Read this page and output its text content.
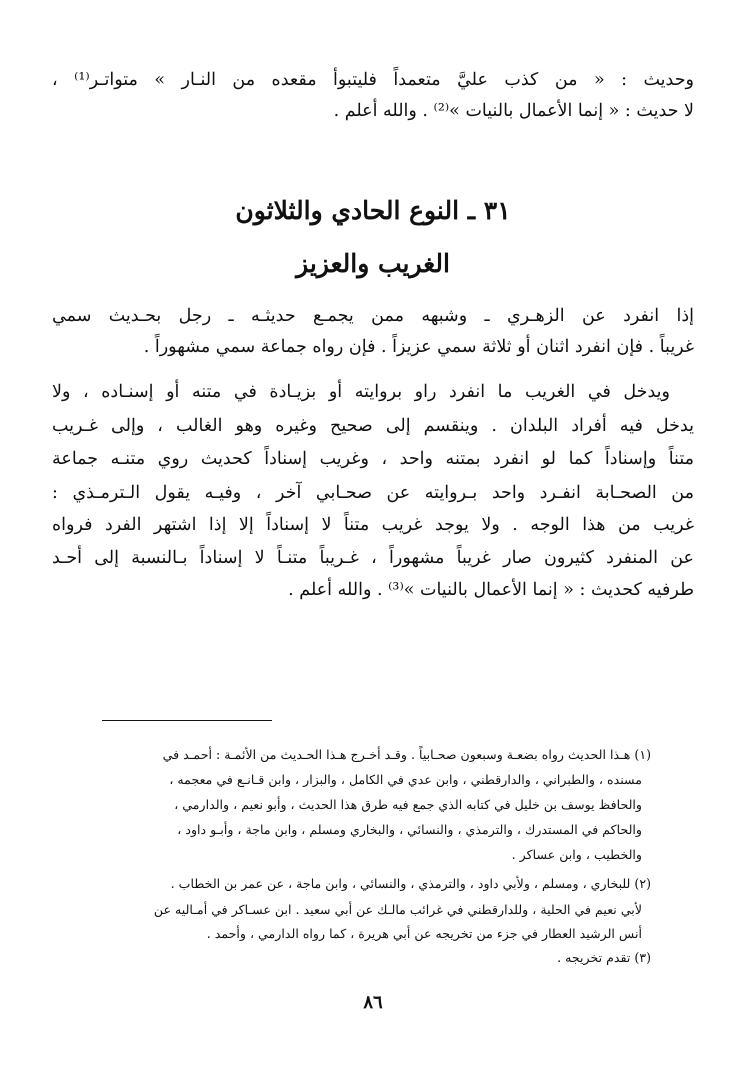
وحديث : « من كذب عليَّ متعمداً فليتبوأ مقعده من النـار » متواتـر⁽¹⁾ ،
لا حديث : « إنما الأعمال بالنيات »⁽²⁾ . والله أعلم .
٣١ ـ النوع الحادي والثلاثون
الغريب والعزيز
إذا انفرد عن الزهـري ـ وشبهه ممن يجمـع حديثـه ـ رجل بحـديث سمي
غريباً . فإن انفرد اثنان أو ثلاثة سمي عزيزاً . فإن رواه جماعة سمي مشهوراً .
ويدخل في الغريب ما انفرد راو بروايته أو بزيـادة في متنه أو إسنـاده ، ولا
يدخل فيه أفراد البلدان . وينقسم إلى صحيح وغيره وهو الغالب ، وإلى غـريب
متناً وإسناداً كما لو انفرد بمتنه واحد ، وغريب إسناداً كحديث روي متنـه جماعة
من الصحـابة انفـرد واحد بـروايته عن صحـابي آخر ، وفيـه يقول الـترمـذي :
غريب من هذا الوجه . ولا يوجد غريب متناً لا إسناداً إلا إذا اشتهر الفرد فرواه
عن المنفرد كثيرون صار غريباً مشهوراً ، غـريباً متنـاً لا إسناداً بـالنسبة إلى أحـد
طرفيه كحديث : « إنما الأعمال بالنيات »⁽³⁾ . والله أعلم .
(١) هـذا الحديث رواه بضعـة وسبعون صحـابياً . وقـد أخـرج هـذا الحـديث من الأئمـة : أحمـد في
مسنده ، والطبراني ، والدارقطني ، وابن عدي في الكامل ، والبزار ، وابن قـانـع في معجمه ،
والحافظ يوسف بن خليل في كتابه الذي جمع فيه طرق هذا الحديث ، وأبو نعيم ، والدارمي ،
والحاكم في المستدرك ، والترمذي ، والنسائي ، والبخاري ومسلم ، وابن ماجة ، وأبـو داود ،
والخطيب ، وابن عساكر .
(٢) للبخاري ، ومسلم ، ولأبي داود ، والترمذي ، والنسائي ، وابن ماجة ، عن عمر بن الخطاب .
لأبي نعيم في الحلية ، وللدارقطني في غرائب مالـك عن أبي سعيد . ابن عسـاكر في أمـاليه عن
أنس الرشيد العطار في جزء من تخريجه عن أبي هريرة ، كما رواه الدارمي ، وأحمد .
(٣) تقدم تخريجه .
٨٦
